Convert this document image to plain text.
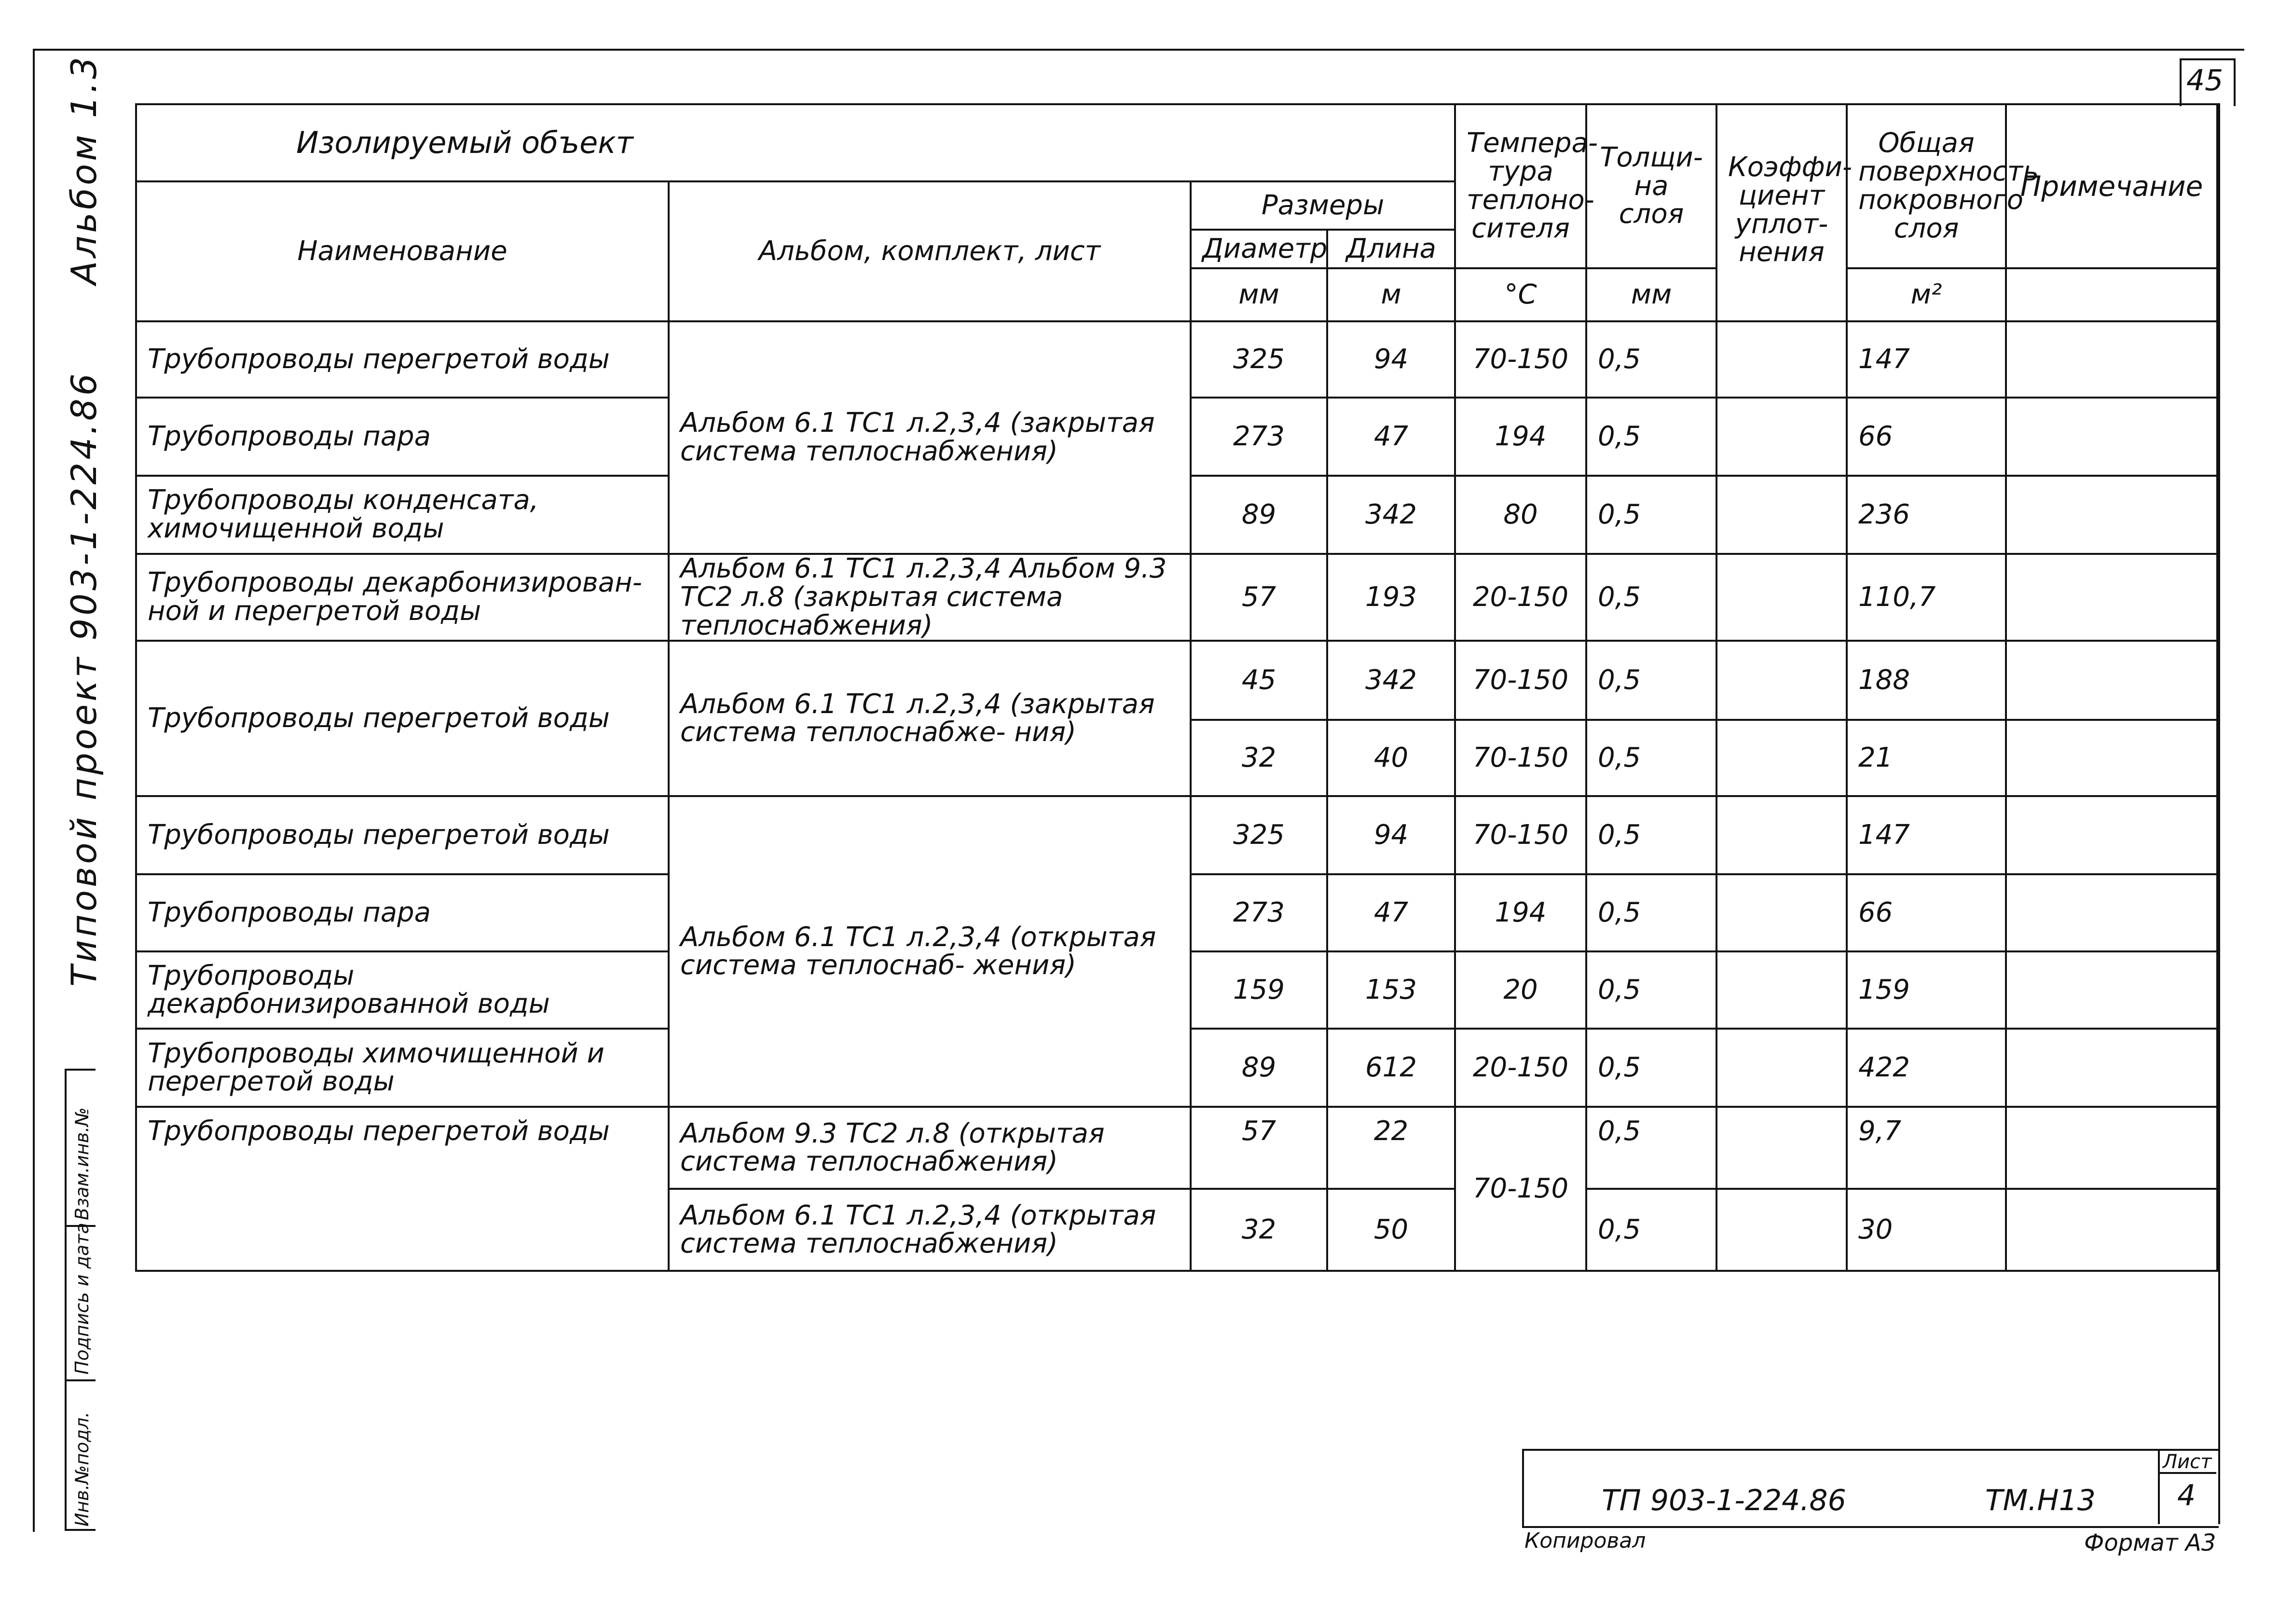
45
Альбом 1.3
Типовой проект 903-1-224.86
Инв.№подл.
Подпись и дата
Взам.инв.№
Изолируемый объект				Темпера- тура теплоно- сителя	Толщи- на слоя	Коэффи- циент уплот- нения	Общая поверхность покровного слоя	Примечание
Наименование	Альбом, комплект, лист	Размеры						
		Диаметр	Длина					
		мм	м	°С	мм		м²	
Трубопроводы перегретой воды	Альбом 6.1 ТС1 л.2,3,4 (закрытая система теплоснабжения)	325	94	70-150	0,5		147	
Трубопроводы пара		273	47	194	0,5		66	
Трубопроводы конденсата, химочищенной воды		89	342	80	0,5		236	
Трубопроводы декарбонизирован- ной и перегретой воды	Альбом 6.1 ТС1 л.2,3,4 Альбом 9.3 ТС2 л.8 (закрытая система теплоснабжения)	57	193	20-150	0,5		110,7	
Трубопроводы перегретой воды	Альбом 6.1 ТС1 л.2,3,4 (закрытая система теплоснабже- ния)	45	342	70-150	0,5		188	
		32	40	70-150	0,5		21	
Трубопроводы перегретой воды	Альбом 6.1 ТС1 л.2,3,4 (открытая система теплоснаб- жения)	325	94	70-150	0,5		147	
Трубопроводы пара		273	47	194	0,5		66	
Трубопроводы декарбонизированной воды		159	153	20	0,5		159	
Трубопроводы химочищенной и перегретой воды		89	612	20-150	0,5		422	
Трубопроводы перегретой воды	Альбом 9.3 ТС2 л.8 (открытая система теплоснабжения)	57	22	70-150	0,5		9,7	
	Альбом 6.1 ТС1 л.2,3,4 (открытая система теплоснабжения)	32	50		0,5		30	
ТП 903-1-224.86	ТМ.Н13
Лист
4
Копировал	Формат А3
